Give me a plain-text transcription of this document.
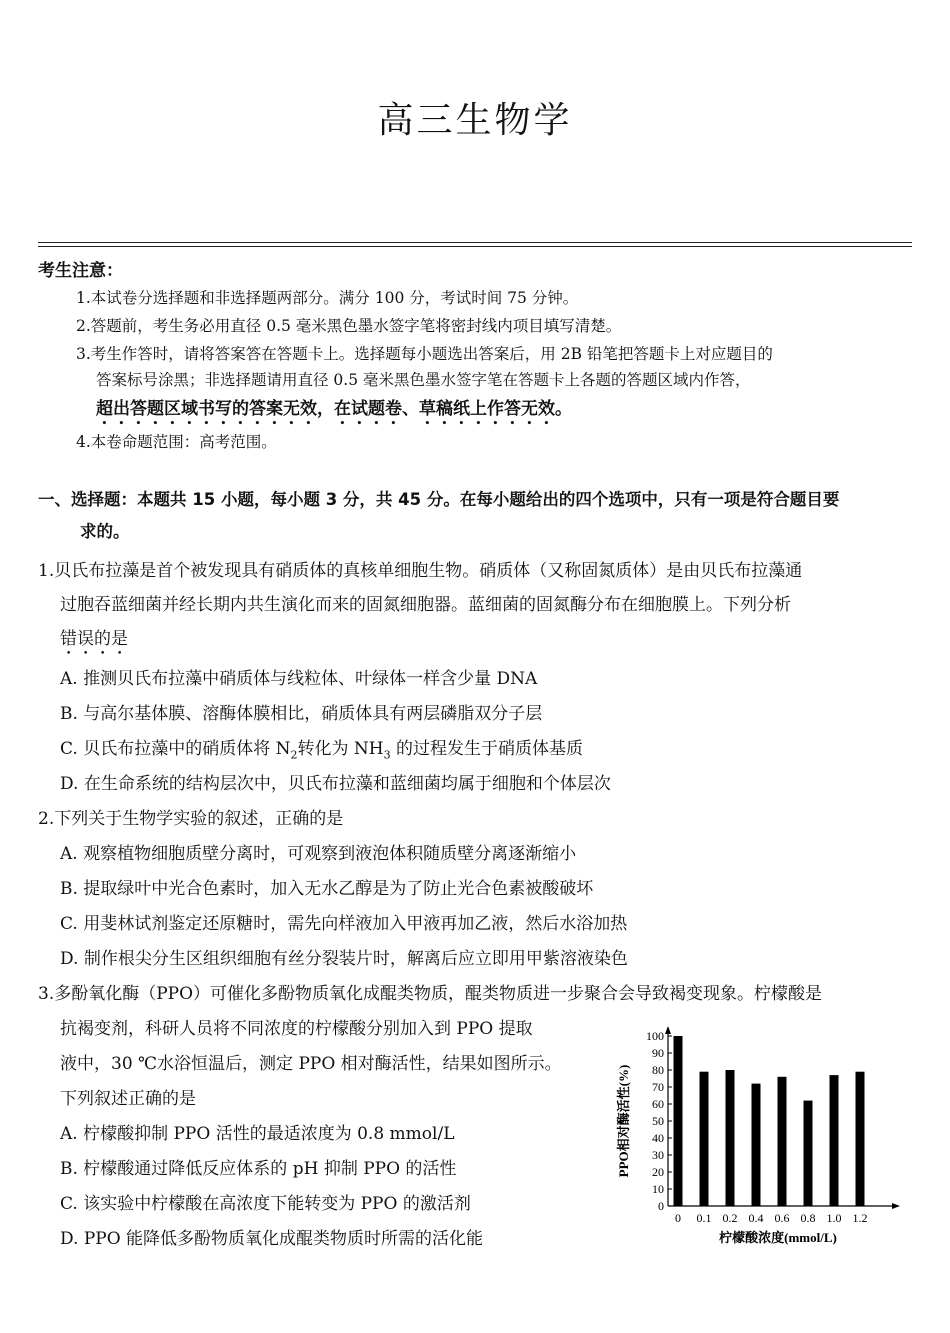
高三生物学
考生注意：
1.本试卷分选择题和非选择题两部分。满分 100 分，考试时间 75 分钟。
2.答题前，考生务必用直径 0.5 毫米黑色墨水签字笔将密封线内项目填写清楚。
3.考生作答时，请将答案答在答题卡上。选择题每小题选出答案后，用 2B 铅笔把答题卡上对应题目的
答案标号涂黑；非选择题请用直径 0.5 毫米黑色墨水签字笔在答题卡上各题的答题区域内作答，
超出答题区域书写的答案无效，在试题卷、草稿纸上作答无效。
4.本卷命题范围：高考范围。
一、选择题：本题共 15 小题，每小题 3 分，共 45 分。在每小题给出的四个选项中，只有一项是符合题目要
求的。
1.贝氏布拉藻是首个被发现具有硝质体的真核单细胞生物。硝质体（又称固氮质体）是由贝氏布拉藻通
过胞吞蓝细菌并经长期内共生演化而来的固氮细胞器。蓝细菌的固氮酶分布在细胞膜上。下列分析
错误的是
A. 推测贝氏布拉藻中硝质体与线粒体、叶绿体一样含少量 DNA
B. 与高尔基体膜、溶酶体膜相比，硝质体具有两层磷脂双分子层
C. 贝氏布拉藻中的硝质体将 $N_2$转化为 $NH_3$ 的过程发生于硝质体基质
D. 在生命系统的结构层次中，贝氏布拉藻和蓝细菌均属于细胞和个体层次
2.下列关于生物学实验的叙述，正确的是
A. 观察植物细胞质壁分离时，可观察到液泡体积随质壁分离逐渐缩小
B. 提取绿叶中光合色素时，加入无水乙醇是为了防止光合色素被酸破坏
C. 用斐林试剂鉴定还原糖时，需先向样液加入甲液再加乙液，然后水浴加热
D. 制作根尖分生区组织细胞有丝分裂装片时，解离后应立即用甲紫溶液染色
3.多酚氧化酶（PPO）可催化多酚物质氧化成醌类物质，醌类物质进一步聚合会导致褐变现象。柠檬酸是
抗褐变剂，科研人员将不同浓度的柠檬酸分别加入到 PPO 提取
液中，30 ℃水浴恒温后，测定 PPO 相对酶活性，结果如图所示。
下列叙述正确的是
A. 柠檬酸抑制 PPO 活性的最适浓度为 0.8 mmol/L
B. 柠檬酸通过降低反应体系的 pH 抑制 PPO 的活性
C. 该实验中柠檬酸在高浓度下能转变为 PPO 的激活剂
D. PPO 能降低多酚物质氧化成醌类物质时所需的活化能
0
10
20
30
40
50
60
70
80
90
100
0 0.1 0.2 0.4 0.6 0.8 1.0 1.2
柠檬酸浓度(mmol/L)
PPO相对酶活性(%)
